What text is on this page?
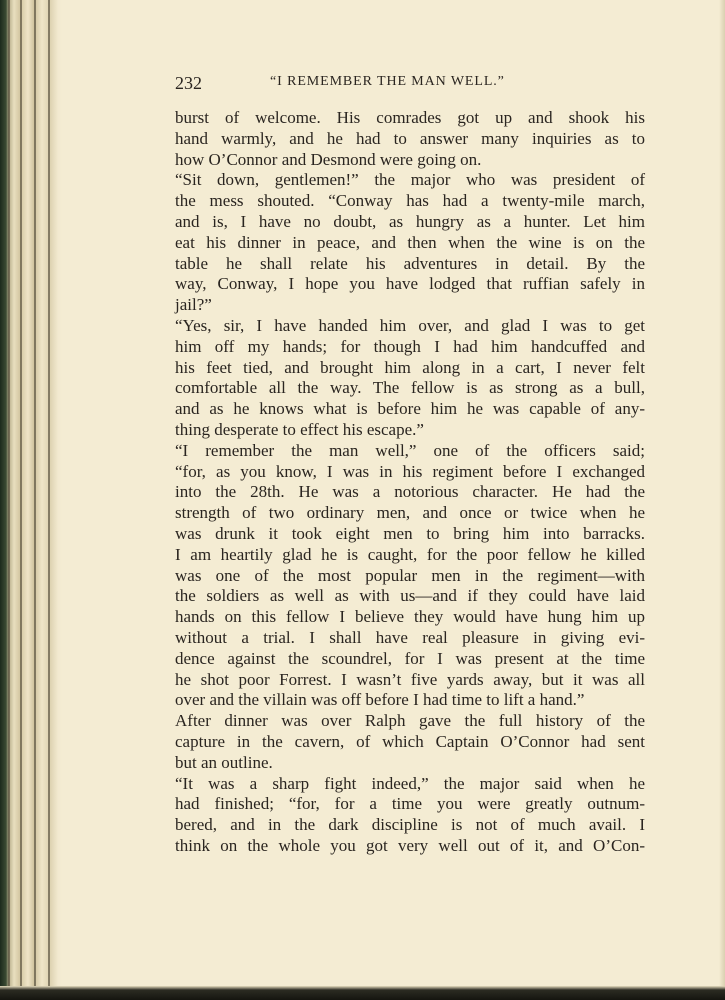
232	“I REMEMBER THE MAN WELL.”
burst of welcome. His comrades got up and shook his
hand warmly, and he had to answer many inquiries as to
how O’Connor and Desmond were going on.
“Sit down, gentlemen!” the major who was president of
the mess shouted. “Conway has had a twenty-mile march,
and is, I have no doubt, as hungry as a hunter. Let him
eat his dinner in peace, and then when the wine is on the
table he shall relate his adventures in detail. By the
way, Conway, I hope you have lodged that ruffian safely in
jail?”
“Yes, sir, I have handed him over, and glad I was to get
him off my hands; for though I had him handcuffed and
his feet tied, and brought him along in a cart, I never felt
comfortable all the way. The fellow is as strong as a bull,
and as he knows what is before him he was capable of any-
thing desperate to effect his escape.”
“I remember the man well,” one of the officers said;
“for, as you know, I was in his regiment before I exchanged
into the 28th. He was a notorious character. He had the
strength of two ordinary men, and once or twice when he
was drunk it took eight men to bring him into barracks.
I am heartily glad he is caught, for the poor fellow he killed
was one of the most popular men in the regiment—with
the soldiers as well as with us—and if they could have laid
hands on this fellow I believe they would have hung him up
without a trial. I shall have real pleasure in giving evi-
dence against the scoundrel, for I was present at the time
he shot poor Forrest. I wasn’t five yards away, but it was all
over and the villain was off before I had time to lift a hand.”
After dinner was over Ralph gave the full history of the
capture in the cavern, of which Captain O’Connor had sent
but an outline.
“It was a sharp fight indeed,” the major said when he
had finished; “for, for a time you were greatly outnum-
bered, and in the dark discipline is not of much avail. I
think on the whole you got very well out of it, and O’Con-
